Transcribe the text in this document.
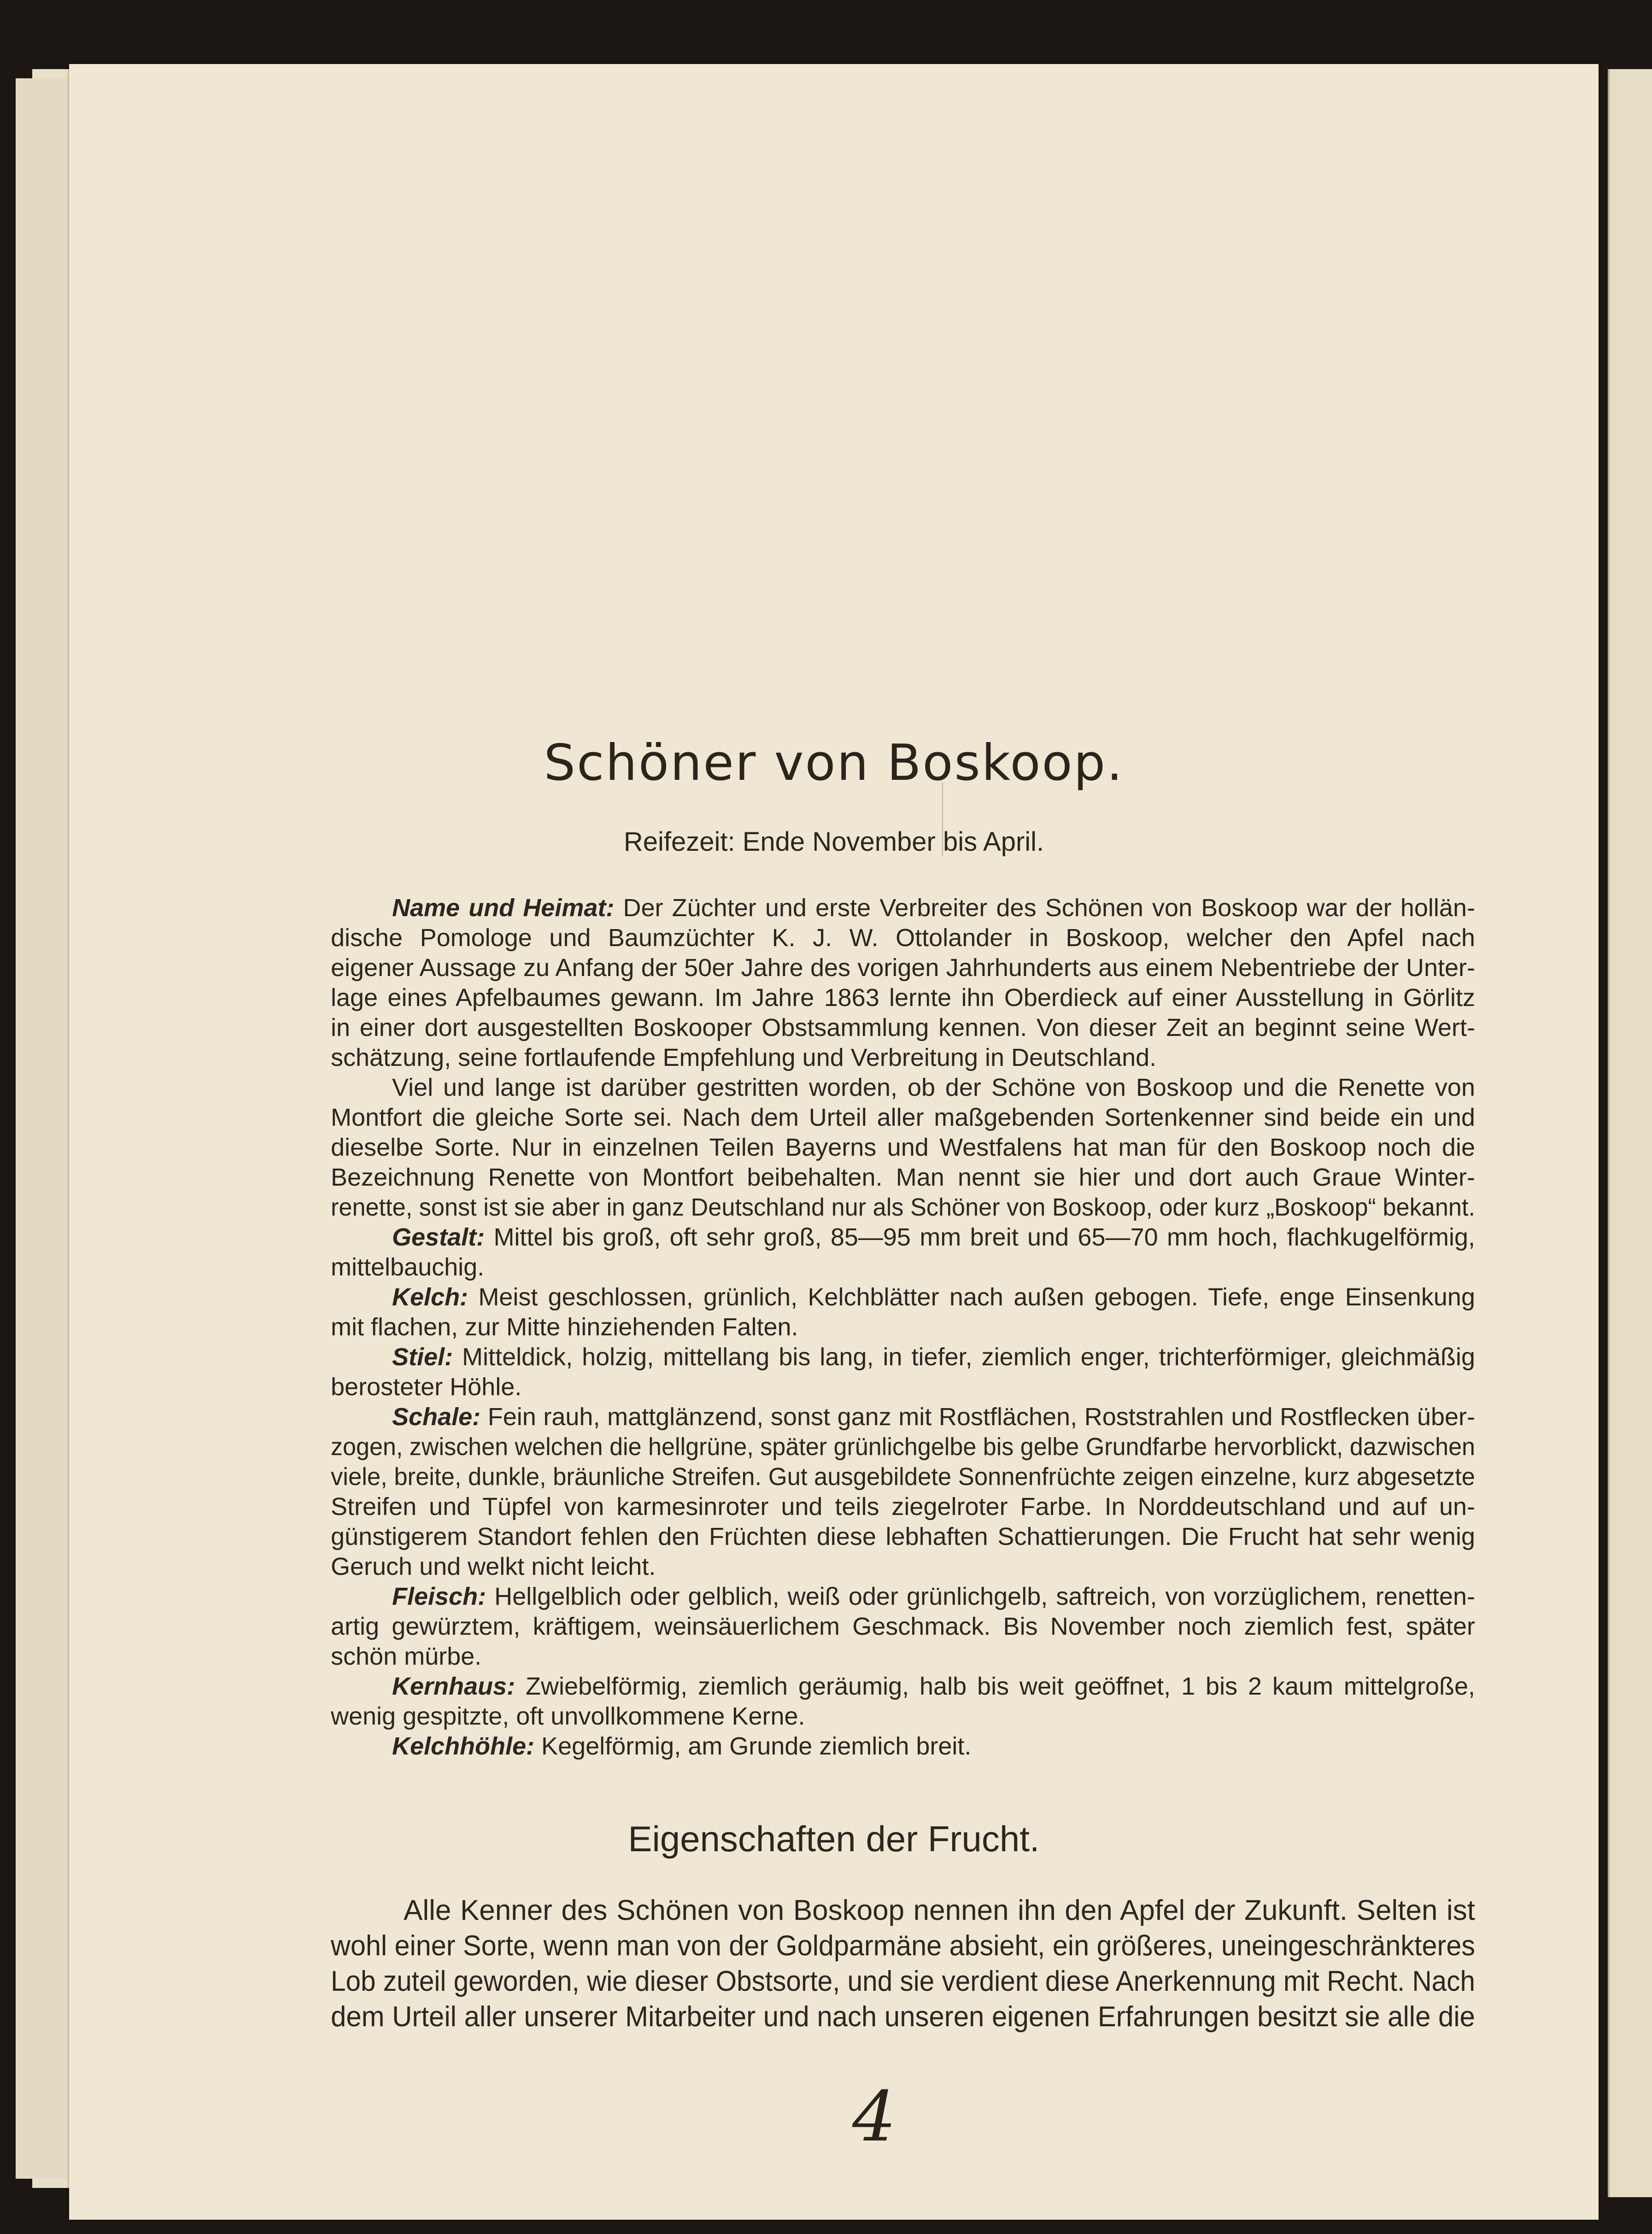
Schöner von Boskoop.
Reifezeit: Ende November bis April.
Name und Heimat: Der Züchter und erste Verbreiter des Schönen von Boskoop war der hollän-
dische Pomologe und Baumzüchter K. J. W. Ottolander in Boskoop, welcher den Apfel nach
eigener Aussage zu Anfang der 50er Jahre des vorigen Jahrhunderts aus einem Nebentriebe der Unter-
lage eines Apfelbaumes gewann. Im Jahre 1863 lernte ihn Oberdieck auf einer Ausstellung in Görlitz
in einer dort ausgestellten Boskooper Obstsammlung kennen. Von dieser Zeit an beginnt seine Wert-
schätzung, seine fortlaufende Empfehlung und Verbreitung in Deutschland.
Viel und lange ist darüber gestritten worden, ob der Schöne von Boskoop und die Renette von
Montfort die gleiche Sorte sei. Nach dem Urteil aller maßgebenden Sortenkenner sind beide ein und
dieselbe Sorte. Nur in einzelnen Teilen Bayerns und Westfalens hat man für den Boskoop noch die
Bezeichnung Renette von Montfort beibehalten. Man nennt sie hier und dort auch Graue Winter-
renette, sonst ist sie aber in ganz Deutschland nur als Schöner von Boskoop, oder kurz „Boskoop“ bekannt.
Gestalt: Mittel bis groß, oft sehr groß, 85—95 mm breit und 65—70 mm hoch, flachkugelförmig,
mittelbauchig.
Kelch: Meist geschlossen, grünlich, Kelchblätter nach außen gebogen. Tiefe, enge Einsenkung
mit flachen, zur Mitte hinziehenden Falten.
Stiel: Mitteldick, holzig, mittellang bis lang, in tiefer, ziemlich enger, trichterförmiger, gleichmäßig
berosteter Höhle.
Schale: Fein rauh, mattglänzend, sonst ganz mit Rostflächen, Roststrahlen und Rostflecken über-
zogen, zwischen welchen die hellgrüne, später grünlichgelbe bis gelbe Grundfarbe hervorblickt, dazwischen
viele, breite, dunkle, bräunliche Streifen. Gut ausgebildete Sonnenfrüchte zeigen einzelne, kurz abgesetzte
Streifen und Tüpfel von karmesinroter und teils ziegelroter Farbe. In Norddeutschland und auf un-
günstigerem Standort fehlen den Früchten diese lebhaften Schattierungen. Die Frucht hat sehr wenig
Geruch und welkt nicht leicht.
Fleisch: Hellgelblich oder gelblich, weiß oder grünlichgelb, saftreich, von vorzüglichem, renetten-
artig gewürztem, kräftigem, weinsäuerlichem Geschmack. Bis November noch ziemlich fest, später
schön mürbe.
Kernhaus: Zwiebelförmig, ziemlich geräumig, halb bis weit geöffnet, 1 bis 2 kaum mittelgroße,
wenig gespitzte, oft unvollkommene Kerne.
Kelchhöhle: Kegelförmig, am Grunde ziemlich breit.
Eigenschaften der Frucht.
Alle Kenner des Schönen von Boskoop nennen ihn den Apfel der Zukunft. Selten ist
wohl einer Sorte, wenn man von der Goldparmäne absieht, ein größeres, uneingeschränkteres
Lob zuteil geworden, wie dieser Obstsorte, und sie verdient diese Anerkennung mit Recht. Nach
dem Urteil aller unserer Mitarbeiter und nach unseren eigenen Erfahrungen besitzt sie alle die
4
